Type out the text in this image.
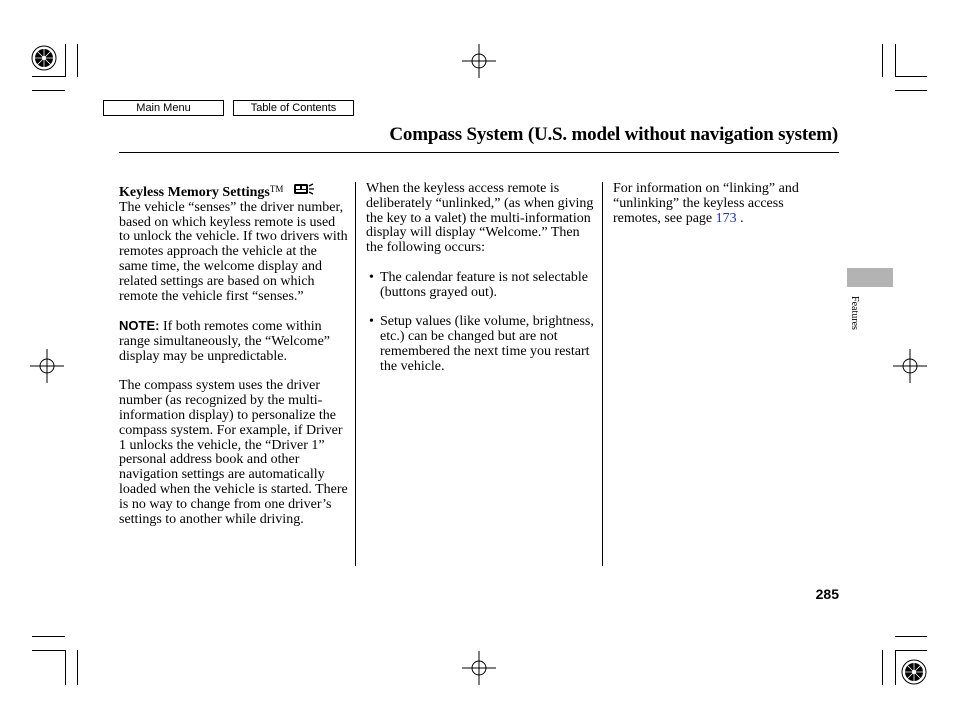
Main Menu	Table of Contents
Compass System (U.S. model without navigation system)

Keyless Memory Settings™

The vehicle “senses” the driver number, based on which keyless remote is used to unlock the vehicle. If two drivers with remotes approach the vehicle at the same time, the welcome display and related settings are based on which remote the vehicle first “senses.”

NOTE: If both remotes come within range simultaneously, the “Welcome” display may be unpredictable.

The compass system uses the driver number (as recognized by the multi-information display) to personalize the compass system. For example, if Driver 1 unlocks the vehicle, the “Driver 1” personal address book and other navigation settings are automatically loaded when the vehicle is started. There is no way to change from one driver’s settings to another while driving.

When the keyless access remote is deliberately “unlinked,” (as when giving the key to a valet) the multi-information display will display “Welcome.” Then the following occurs:

• The calendar feature is not selectable (buttons grayed out).
• Setup values (like volume, brightness, etc.) can be changed but are not remembered the next time you restart the vehicle.

For information on “linking” and “unlinking” the keyless access remotes, see page 173 .

Features
285
